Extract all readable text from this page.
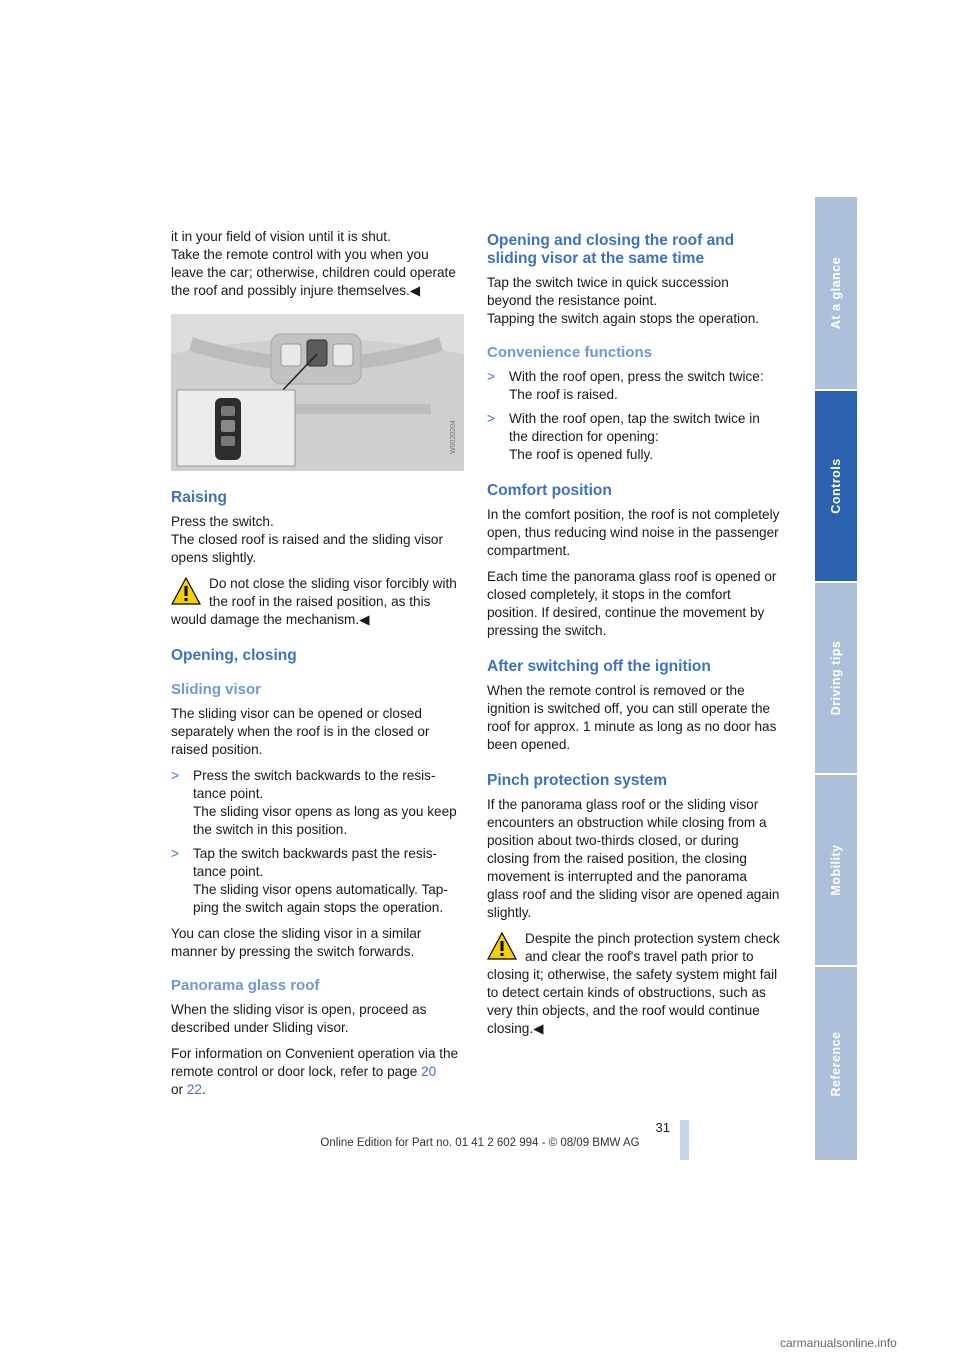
it in your field of vision until it is shut.
Take the remote control with you when you
leave the car; otherwise, children could operate
the roof and possibly injure themselves.◀

W0020204
Raising

Press the switch.
The closed roof is raised and the sliding visor
opens slightly.

Do not close the sliding visor forcibly with the roof in the raised position, as this would damage the mechanism.◀
Opening, closing
Sliding visor

The sliding visor can be opened or closed separately when the roof is in the closed or raised position.

> Press the switch backwards to the resis-
tance point.
The sliding visor opens as long as you keep
the switch in this position.
> Tap the switch backwards past the resis-
tance point.
The sliding visor opens automatically. Tap-
ping the switch again stops the operation.

You can close the sliding visor in a similar manner by pressing the switch forwards.

Panorama glass roof

When the sliding visor is open, proceed as described under Sliding visor.

For information on Convenient operation via the remote control or door lock, refer to page 20
or 22.

Opening and closing the roof and sliding visor at the same time

Tap the switch twice in quick succession
beyond the resistance point.
Tapping the switch again stops the operation.

Convenience functions
> With the roof open, press the switch twice:
The roof is raised.
> With the roof open, tap the switch twice in
the direction for opening:
The roof is opened fully.
Comfort position

In the comfort position, the roof is not completely open, thus reducing wind noise in the passenger compartment.

Each time the panorama glass roof is opened or closed completely, it stops in the comfort position. If desired, continue the movement by pressing the switch.

After switching off the ignition

When the remote control is removed or the ignition is switched off, you can still operate the roof for approx. 1 minute as long as no door has been opened.

Pinch protection system

If the panorama glass roof or the sliding visor encounters an obstruction while closing from a position about two-thirds closed, or during closing from the raised position, the closing movement is interrupted and the panorama glass roof and the sliding visor are opened again slightly.

Despite the pinch protection system check and clear the roof's travel path prior to closing it; otherwise, the safety system might fail to detect certain kinds of obstructions, such as very thin objects, and the roof would continue closing.◀
At a glance
Controls
Driving tips
Mobility
Reference
31
Online Edition for Part no. 01 41 2 602 994 - © 08/09 BMW AG
carmanualsonline.info
